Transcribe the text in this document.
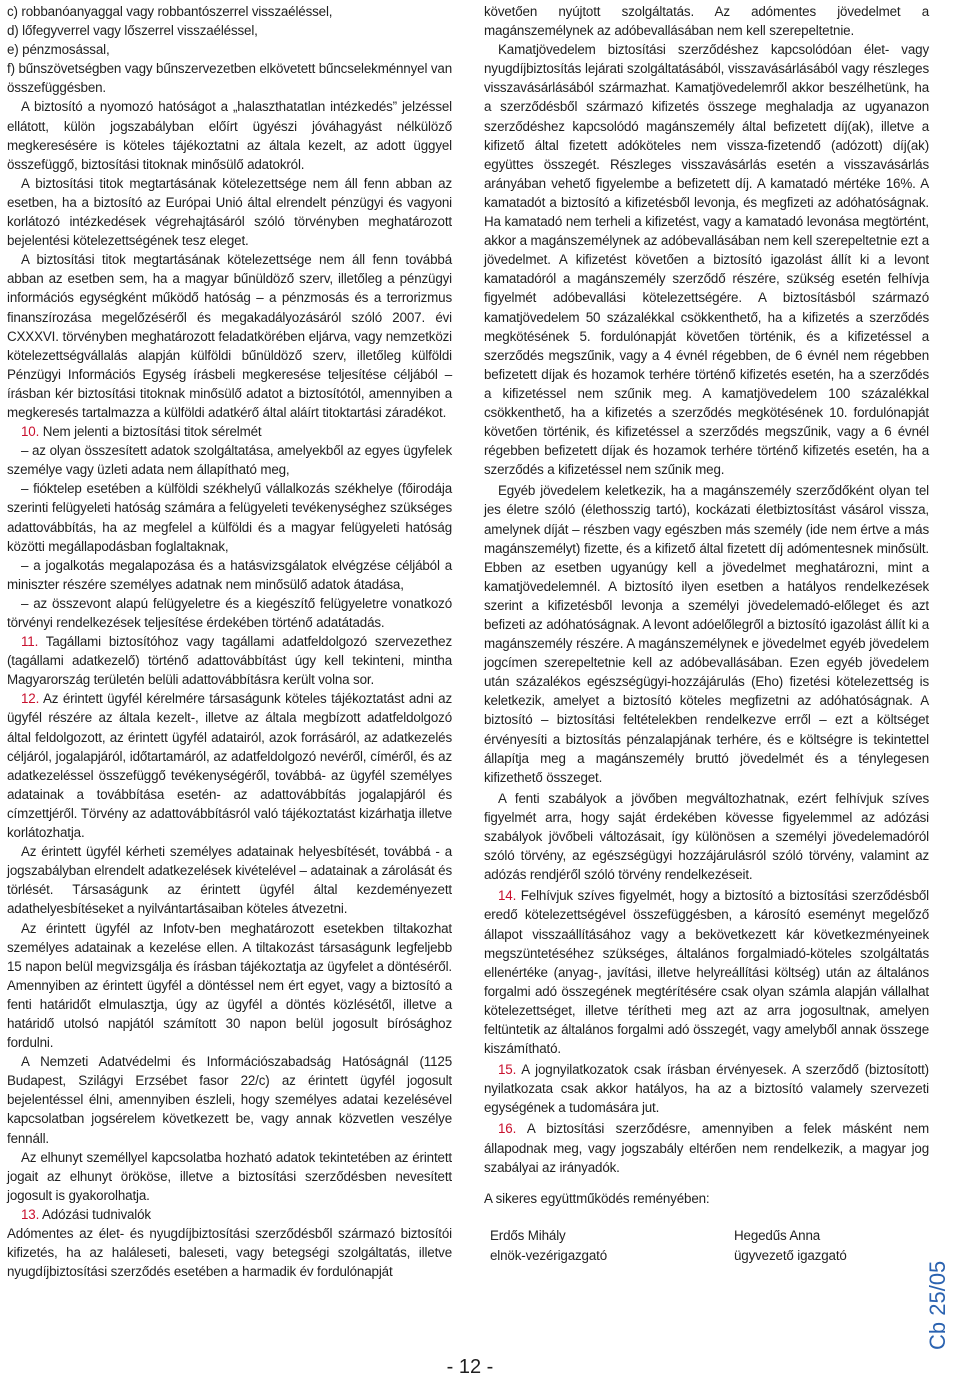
c) robbanóanyaggal vagy robbantószerrel visszaéléssel,

d) lőfegyverrel vagy lőszerrel visszaéléssel,

e) pénzmosással,

f) bűnszövetségben vagy bűnszervezetben elkövetett bűncselekménnyel van összefüggésben.

A biztosító a nyomozó hatóságot a „halaszthatatlan intézkedés” jelzéssel ellátott, külön jogszabályban előírt ügyészi jóváhagyást nélkülöző megkeresésére is köteles tájékoztatni az általa kezelt, az adott üggyel összefüggő, biztosítási titoknak minősülő adatokról.

A biztosítási titok megtartásának kötelezettsége nem áll fenn abban az esetben, ha a biztosító az Európai Unió által elrendelt pénzügyi és vagyoni korlátozó intézkedések végrehajtásáról szóló törvényben meghatározott bejelentési kötelezettségének tesz eleget.

A biztosítási titok megtartásának kötelezettsége nem áll fenn továbbá abban az esetben sem, ha a magyar bűnüldöző szerv, illetőleg a pénzügyi információs egységként működő hatóság – a pénzmosás és a terrorizmus finanszírozása megelőzéséről és megakadályozásáról szóló 2007. évi CXXXVI. törvényben meghatározott feladatkörében eljárva, vagy nemzetközi kötelezettségvállalás alapján külföldi bűnüldöző szerv, illetőleg külföldi Pénzügyi Információs Egység írásbeli megkeresése teljesítése céljából – írásban kér biztosítási titoknak minősülő adatot a biztosítótól, amennyiben a megkeresés tartalmazza a külföldi adatkérő által aláírt titoktartási záradékot.

10. Nem jelenti a biztosítási titok sérelmét

– az olyan összesített adatok szolgáltatása, amelyekből az egyes ügyfelek személye vagy üzleti adata nem állapítható meg,

– fióktelep esetében a külföldi székhelyű vállalkozás székhelye (főirodája szerinti felügyeleti hatóság számára a felügyeleti tevékenységhez szükséges adattovábbítás, ha az megfelel a külföldi és a magyar felügyeleti hatóság közötti megállapodásban foglaltaknak,

– a jogalkotás megalapozása és a hatásvizsgálatok elvégzése céljából a miniszter részére személyes adatnak nem minősülő adatok átadása,

– az összevont alapú felügyeletre és a kiegészítő felügyeletre vonatkozó törvényi rendelkezések teljesítése érdekében történő adatátadás.

11. Tagállami biztosítóhoz vagy tagállami adatfeldolgozó szervezethez (tagállami adatkezelő) történő adattovábbítást úgy kell tekinteni, mintha Magyarország területén belüli adattovábbításra került volna sor.

12. Az érintett ügyfél kérelmére társaságunk köteles tájékoztatást adni az ügyfél részére az általa kezelt-, illetve az általa megbízott adatfeldolgozó által feldolgozott, az érintett ügyfél adatairól, azok forrásáról, az adatkezelés céljáról, jogalapjáról, időtartamáról, az adatfeldolgozó nevéről, címéről, és az adatkezeléssel összefüggő tevékenységéről, továbbá- az ügyfél személyes adatainak a továbbítása esetén- az adattovábbítás jogalapjáról és címzettjéről. Törvény az adattovábbításról való tájékoztatást kizárhatja illetve korlátozhatja.

Az érintett ügyfél kérheti személyes adatainak helyesbítését, továbbá - a jogszabályban elrendelt adatkezelések kivételével – adatainak a zárolását és törlését. Társaságunk az érintett ügyfél által kezdeményezett adathelyesbítéseket a nyilvántartásaiban köteles átvezetni.

Az érintett ügyfél az Infotv-ben meghatározott esetekben tiltakozhat személyes adatainak a kezelése ellen. A tiltakozást társaságunk legfeljebb 15 napon belül megvizsgálja és írásban tájékoztatja az ügyfelet a döntéséről. Amennyiben az érintett ügyfél a döntéssel nem ért egyet, vagy a biztosító a fenti határidőt elmulasztja, úgy az ügyfél a döntés közlésétől, illetve a határidő utolsó napjától számított 30 napon belül jogosult bírósághoz fordulni.

A Nemzeti Adatvédelmi és Információszabadság Hatóságnál (1125 Budapest, Szilágyi Erzsébet fasor 22/c) az érintett ügyfél jogosult bejelentéssel élni, amennyiben észleli, hogy személyes adatai kezelésével kapcsolatban jogsérelem következett be, vagy annak közvetlen veszélye fennáll.

Az elhunyt személlyel kapcsolatba hozható adatok tekintetében az érintett jogait az elhunyt örököse, illetve a biztosítási szerződésben nevesített jogosult is gyakorolhatja.

13. Adózási tudnivalók

Adómentes az élet- és nyugdíjbiztosítási szerződésből származó biztosítói kifizetés, ha az haláleseti, baleseti, vagy betegségi szolgáltatás, illetve nyugdíjbiztosítási szerződés esetében a harmadik év fordulónapját

követően nyújtott szolgáltatás. Az adómentes jövedelmet a magánszemélynek az adóbevallásában nem kell szerepeltetnie.

Kamatjövedelem biztosítási szerződéshez kapcsolódóan élet- vagy nyugdíjbiztosítás lejárati szolgáltatásából, visszavásárlásából vagy részleges visszavásárlásából származhat. Kamatjövedelemről akkor beszélhetünk, ha a szerződésből származó kifizetés összege meghaladja az ugyanazon szerződéshez kapcsolódó magánszemély által befizetett díj(ak), illetve a kifizető által fizetett adóköteles nem vissza-fizetendő (adózott) díj(ak) együttes összegét. Részleges visszavásárlás esetén a visszavásárlás arányában vehető figyelembe a befizetett díj. A kamatadó mértéke 16%. A kamatadót a biztosító a kifizetésből levonja, és megfizeti az adóhatóságnak. Ha kamatadó nem terheli a kifizetést, vagy a kamatadó levonása megtörtént, akkor a magánszemélynek az adóbevallásában nem kell szerepeltetnie ezt a jövedelmet. A kifizetést követően a biztosító igazolást állít ki a levont kamatadóról a magánszemély szerződő részére, szükség esetén felhívja figyelmét adóbevallási kötelezettségére. A biztosításból származó kamatjövedelem 50 százalékkal csökkenthető, ha a kifizetés a szerződés megkötésének 5. fordulónapját követően történik, és a kifizetéssel a szerződés megszűnik, vagy a 4 évnél régebben, de 6 évnél nem régebben befizetett díjak és hozamok terhére történő kifizetés esetén, ha a szerződés a kifizetéssel nem szűnik meg. A kamatjövedelem 100 százalékkal csökkenthető, ha a kifizetés a szerződés megkötésének 10. fordulónapját követően történik, és kifizetéssel a szerződés megszűnik, vagy a 6 évnél régebben befizetett díjak és hozamok terhére történő kifizetés esetén, ha a szerződés a kifizetéssel nem szűnik meg.

Egyéb jövedelem keletkezik, ha a magánszemély szerződőként olyan tel jes életre szóló (élethosszig tartó), kockázati életbiztosítást vásárol vissza, amelynek díját – részben vagy egészben más személy (ide nem értve a más magánszemélyt) fizette, és a kifizető által fizetett díj adómentesnek minősült. Ebben az esetben ugyanúgy kell a jövedelmet meghatározni, mint a kamatjövedelemnél. A biztosító ilyen esetben a hatályos rendelkezések szerint a kifizetésből levonja a személyi jövedelemadó-előleget és azt befizeti az adóhatóságnak. A levont adóelőlegről a biztosító igazolást állít ki a magánszemély részére. A magánszemélynek e jövedelmet egyéb jövedelem jogcímen szerepeltetnie kell az adóbevallásában. Ezen egyéb jövedelem után százalékos egészségügyi-hozzájárulás (Eho) fizetési kötelezettség is keletkezik, amelyet a biztosító köteles megfizetni az adóhatóságnak. A biztosító – biztosítási feltételekben rendelkezve erről – ezt a költséget érvényesíti a biztosítás pénzalapjának terhére, és e költségre is tekintettel állapítja meg a magánszemély bruttó jövedelmét és a ténylegesen kifizethető összeget.

A fenti szabályok a jövőben megváltozhatnak, ezért felhívjuk szíves figyelmét arra, hogy saját érdekében kövesse figyelemmel az adózási szabályok jövőbeli változásait, így különösen a személyi jövedelemadóról szóló törvény, az egészségügyi hozzájárulásról szóló törvény, valamint az adózás rendjéről szóló törvény rendelkezéseit.

14. Felhívjuk szíves figyelmét, hogy a biztosító a biztosítási szerződésből eredő kötelezettségével összefüggésben, a károsító eseményt megelőző állapot visszaállításához vagy a bekövetkezett kár következményeinek megszüntetéséhez szükséges, általános forgalmiadó-köteles szolgáltatás ellenértéke (anyag-, javítási, illetve helyreállítási költség) után az általános forgalmi adó összegének megtérítésére csak olyan számla alapján vállalhat kötelezettséget, illetve térítheti meg azt az arra jogosultnak, amelyen feltüntetik az általános forgalmi adó összegét, vagy amelyből annak összege kiszámítható.

15. A jognyilatkozatok csak írásban érvényesek. A szerződő (biztosított) nyilatkozata csak akkor hatályos, ha az a biztosító valamely szervezeti egységének a tudomására jut.

16. A biztosítási szerződésre, amennyiben a felek másként nem állapodnak meg, vagy jogszabály eltérően nem rendelkezik, a magyar jog szabályai az irányadók.

A sikeres együttműködés reményében:

Erdős Mihály
elnök-vezérigazgató
Hegedűs Anna
ügyvezető igazgató
- 12 -
Cb 25/05
